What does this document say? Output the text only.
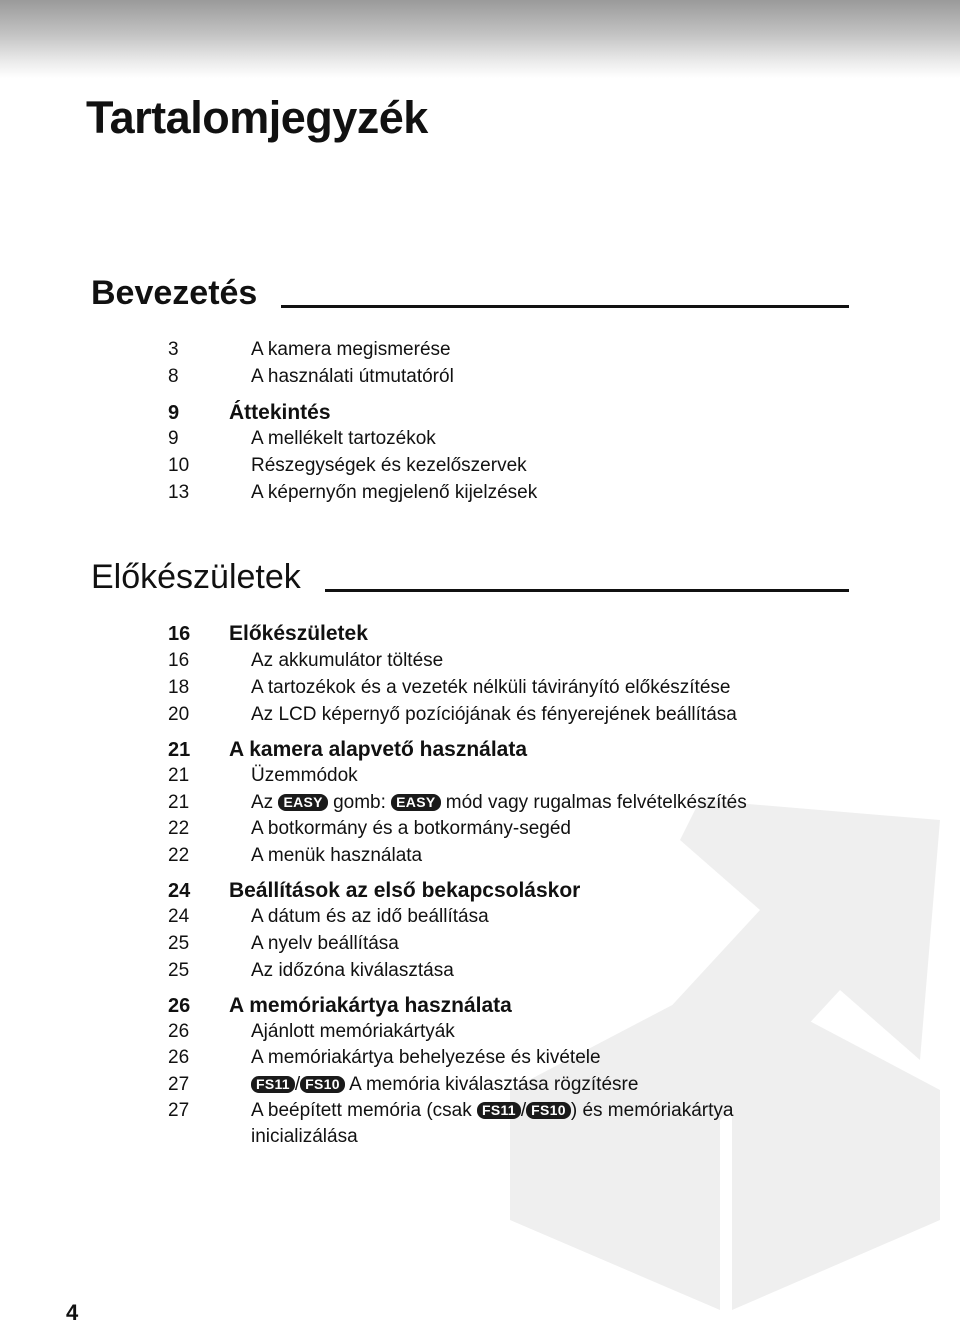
Tartalomjegyzék
Bevezetés
3	A kamera megismerése
8	A használati útmutatóról
9 Áttekintés
9	A mellékelt tartozékok
10	Részegységek és kezelőszervek
13	A képernyőn megjelenő kijelzések
Előkészületek
16 Előkészületek
16	Az akkumulátor töltése
18	A tartozékok és a vezeték nélküli távirányító előkészítése
20	Az LCD képernyő pozíciójának és fényerejének beállítása
21 A kamera alapvető használata
21	Üzemmódok
21	Az EASY gomb: EASY mód vagy rugalmas felvételkészítés
22	A botkormány és a botkormány-segéd
22	A menük használata
24 Beállítások az első bekapcsoláskor
24	A dátum és az idő beállítása
25	A nyelv beállítása
25	Az időzóna kiválasztása
26 A memóriakártya használata
26	Ajánlott memóriakártyák
26	A memóriakártya behelyezése és kivétele
27	FS11 / FS10 A memória kiválasztása rögzítésre
27	A beépített memória (csak FS11 / FS10 ) és memóriakártya
inicializálása
4
